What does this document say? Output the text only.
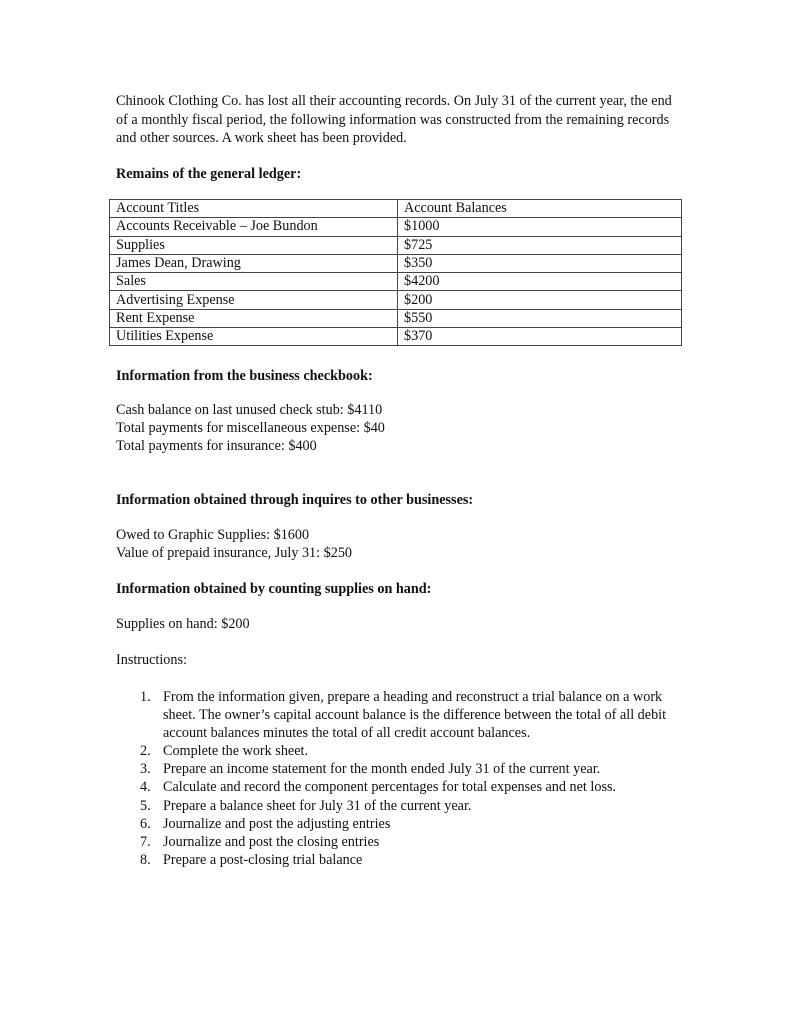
Chinook Clothing Co. has lost all their accounting records. On July 31 of the current year, the end of a monthly fiscal period, the following information was constructed from the remaining records and other sources. A work sheet has been provided.

Remains of the general ledger:

Account Titles	Account Balances
Accounts Receivable – Joe Bundon	$1000
Supplies	$725
James Dean, Drawing	$350
Sales	$4200
Advertising Expense	$200
Rent Expense	$550
Utilities Expense	$370

Information from the business checkbook:

Cash balance on last unused check stub: $4110
Total payments for miscellaneous expense: $40
Total payments for insurance: $400

Information obtained through inquires to other businesses:

Owed to Graphic Supplies: $1600
Value of prepaid insurance, July 31: $250

Information obtained by counting supplies on hand:

Supplies on hand: $200

Instructions:

1. From the information given, prepare a heading and reconstruct a trial balance on a work sheet. The owner’s capital account balance is the difference between the total of all debit account balances minutes the total of all credit account balances.
2. Complete the work sheet.
3. Prepare an income statement for the month ended July 31 of the current year.
4. Calculate and record the component percentages for total expenses and net loss.
5. Prepare a balance sheet for July 31 of the current year.
6. Journalize and post the adjusting entries
7. Journalize and post the closing entries
8. Prepare a post-closing trial balance
